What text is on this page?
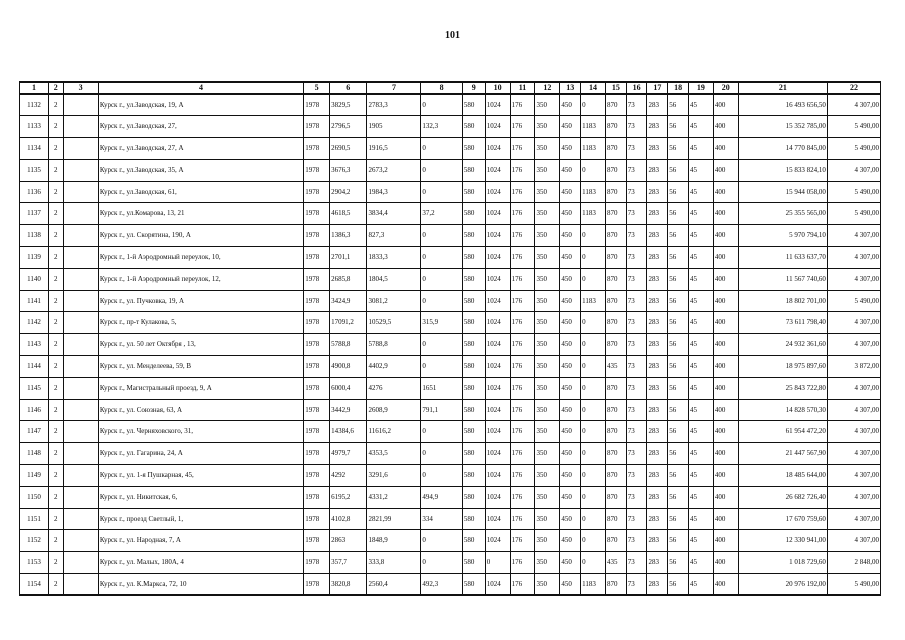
101
1	2	3	4	5	6	7	8	9	10	11	12	13	14	15	16	17	18	19	20	21	22
1132	2		Курск г., ул.Заводская, 19, А	1978	3829,5	2783,3	0	580	1024	176	350	450	0	870	73	283	56	45	400	16 493 656,50	4 307,00
1133	2		Курск г., ул.Заводская, 27,	1978	2796,5	1905	132,3	580	1024	176	350	450	1183	870	73	283	56	45	400	15 352 785,00	5 490,00
1134	2		Курск г., ул.Заводская, 27, А	1978	2690,5	1916,5	0	580	1024	176	350	450	1183	870	73	283	56	45	400	14 770 845,00	5 490,00
1135	2		Курск г., ул.Заводская, 35, А	1978	3676,3	2673,2	0	580	1024	176	350	450	0	870	73	283	56	45	400	15 833 824,10	4 307,00
1136	2		Курск г., ул.Заводская, 61,	1978	2904,2	1984,3	0	580	1024	176	350	450	1183	870	73	283	56	45	400	15 944 058,00	5 490,00
1137	2		Курск г., ул.Комарова, 13, 21	1978	4618,5	3834,4	37,2	580	1024	176	350	450	1183	870	73	283	56	45	400	25 355 565,00	5 490,00
1138	2		Курск г., ул. Скорятина, 190, А	1978	1386,3	827,3	0	580	1024	176	350	450	0	870	73	283	56	45	400	5 970 794,10	4 307,00
1139	2		Курск г., 1-й Аэродромный переулок, 10,	1978	2701,1	1833,3	0	580	1024	176	350	450	0	870	73	283	56	45	400	11 633 637,70	4 307,00
1140	2		Курск г., 1-й Аэродромный переулок, 12,	1978	2685,8	1804,5	0	580	1024	176	350	450	0	870	73	283	56	45	400	11 567 740,60	4 307,00
1141	2		Курск г., ул. Пучковка, 19, А	1978	3424,9	3081,2	0	580	1024	176	350	450	1183	870	73	283	56	45	400	18 802 701,00	5 490,00
1142	2		Курск г., пр-т Кулакова, 5,	1978	17091,2	10529,5	315,9	580	1024	176	350	450	0	870	73	283	56	45	400	73 611 798,40	4 307,00
1143	2		Курск г., ул. 50 лет Октября , 13,	1978	5788,8	5788,8	0	580	1024	176	350	450	0	870	73	283	56	45	400	24 932 361,60	4 307,00
1144	2		Курск г., ул. Менделеева, 59, В	1978	4900,8	4402,9	0	580	1024	176	350	450	0	435	73	283	56	45	400	18 975 897,60	3 872,00
1145	2		Курск г., Магистральный проезд, 9, А	1978	6000,4	4276	1651	580	1024	176	350	450	0	870	73	283	56	45	400	25 843 722,80	4 307,00
1146	2		Курск г., ул. Союзная, 63, А	1978	3442,9	2608,9	791,1	580	1024	176	350	450	0	870	73	283	56	45	400	14 828 570,30	4 307,00
1147	2		Курск г., ул. Черняховского, 31,	1978	14384,6	11616,2	0	580	1024	176	350	450	0	870	73	283	56	45	400	61 954 472,20	4 307,00
1148	2		Курск г., ул. Гагарина, 24, А	1978	4979,7	4353,5	0	580	1024	176	350	450	0	870	73	283	56	45	400	21 447 567,90	4 307,00
1149	2		Курск г., ул. 1-я Пушкарная, 45,	1978	4292	3291,6	0	580	1024	176	350	450	0	870	73	283	56	45	400	18 485 644,00	4 307,00
1150	2		Курск г., ул. Никитская, 6,	1978	6195,2	4331,2	494,9	580	1024	176	350	450	0	870	73	283	56	45	400	26 682 726,40	4 307,00
1151	2		Курск г., проезд Светлый, 1,	1978	4102,8	2821,99	334	580	1024	176	350	450	0	870	73	283	56	45	400	17 670 759,60	4 307,00
1152	2		Курск г., ул. Народная, 7, А	1978	2863	1848,9	0	580	1024	176	350	450	0	870	73	283	56	45	400	12 330 941,00	4 307,00
1153	2		Курск г., ул. Малых, 180А, 4	1978	357,7	333,8	0	580	0	176	350	450	0	435	73	283	56	45	400	1 018 729,60	2 848,00
1154	2		Курск г., ул. К.Маркса, 72, 10	1978	3820,8	2560,4	492,3	580	1024	176	350	450	1183	870	73	283	56	45	400	20 976 192,00	5 490,00
